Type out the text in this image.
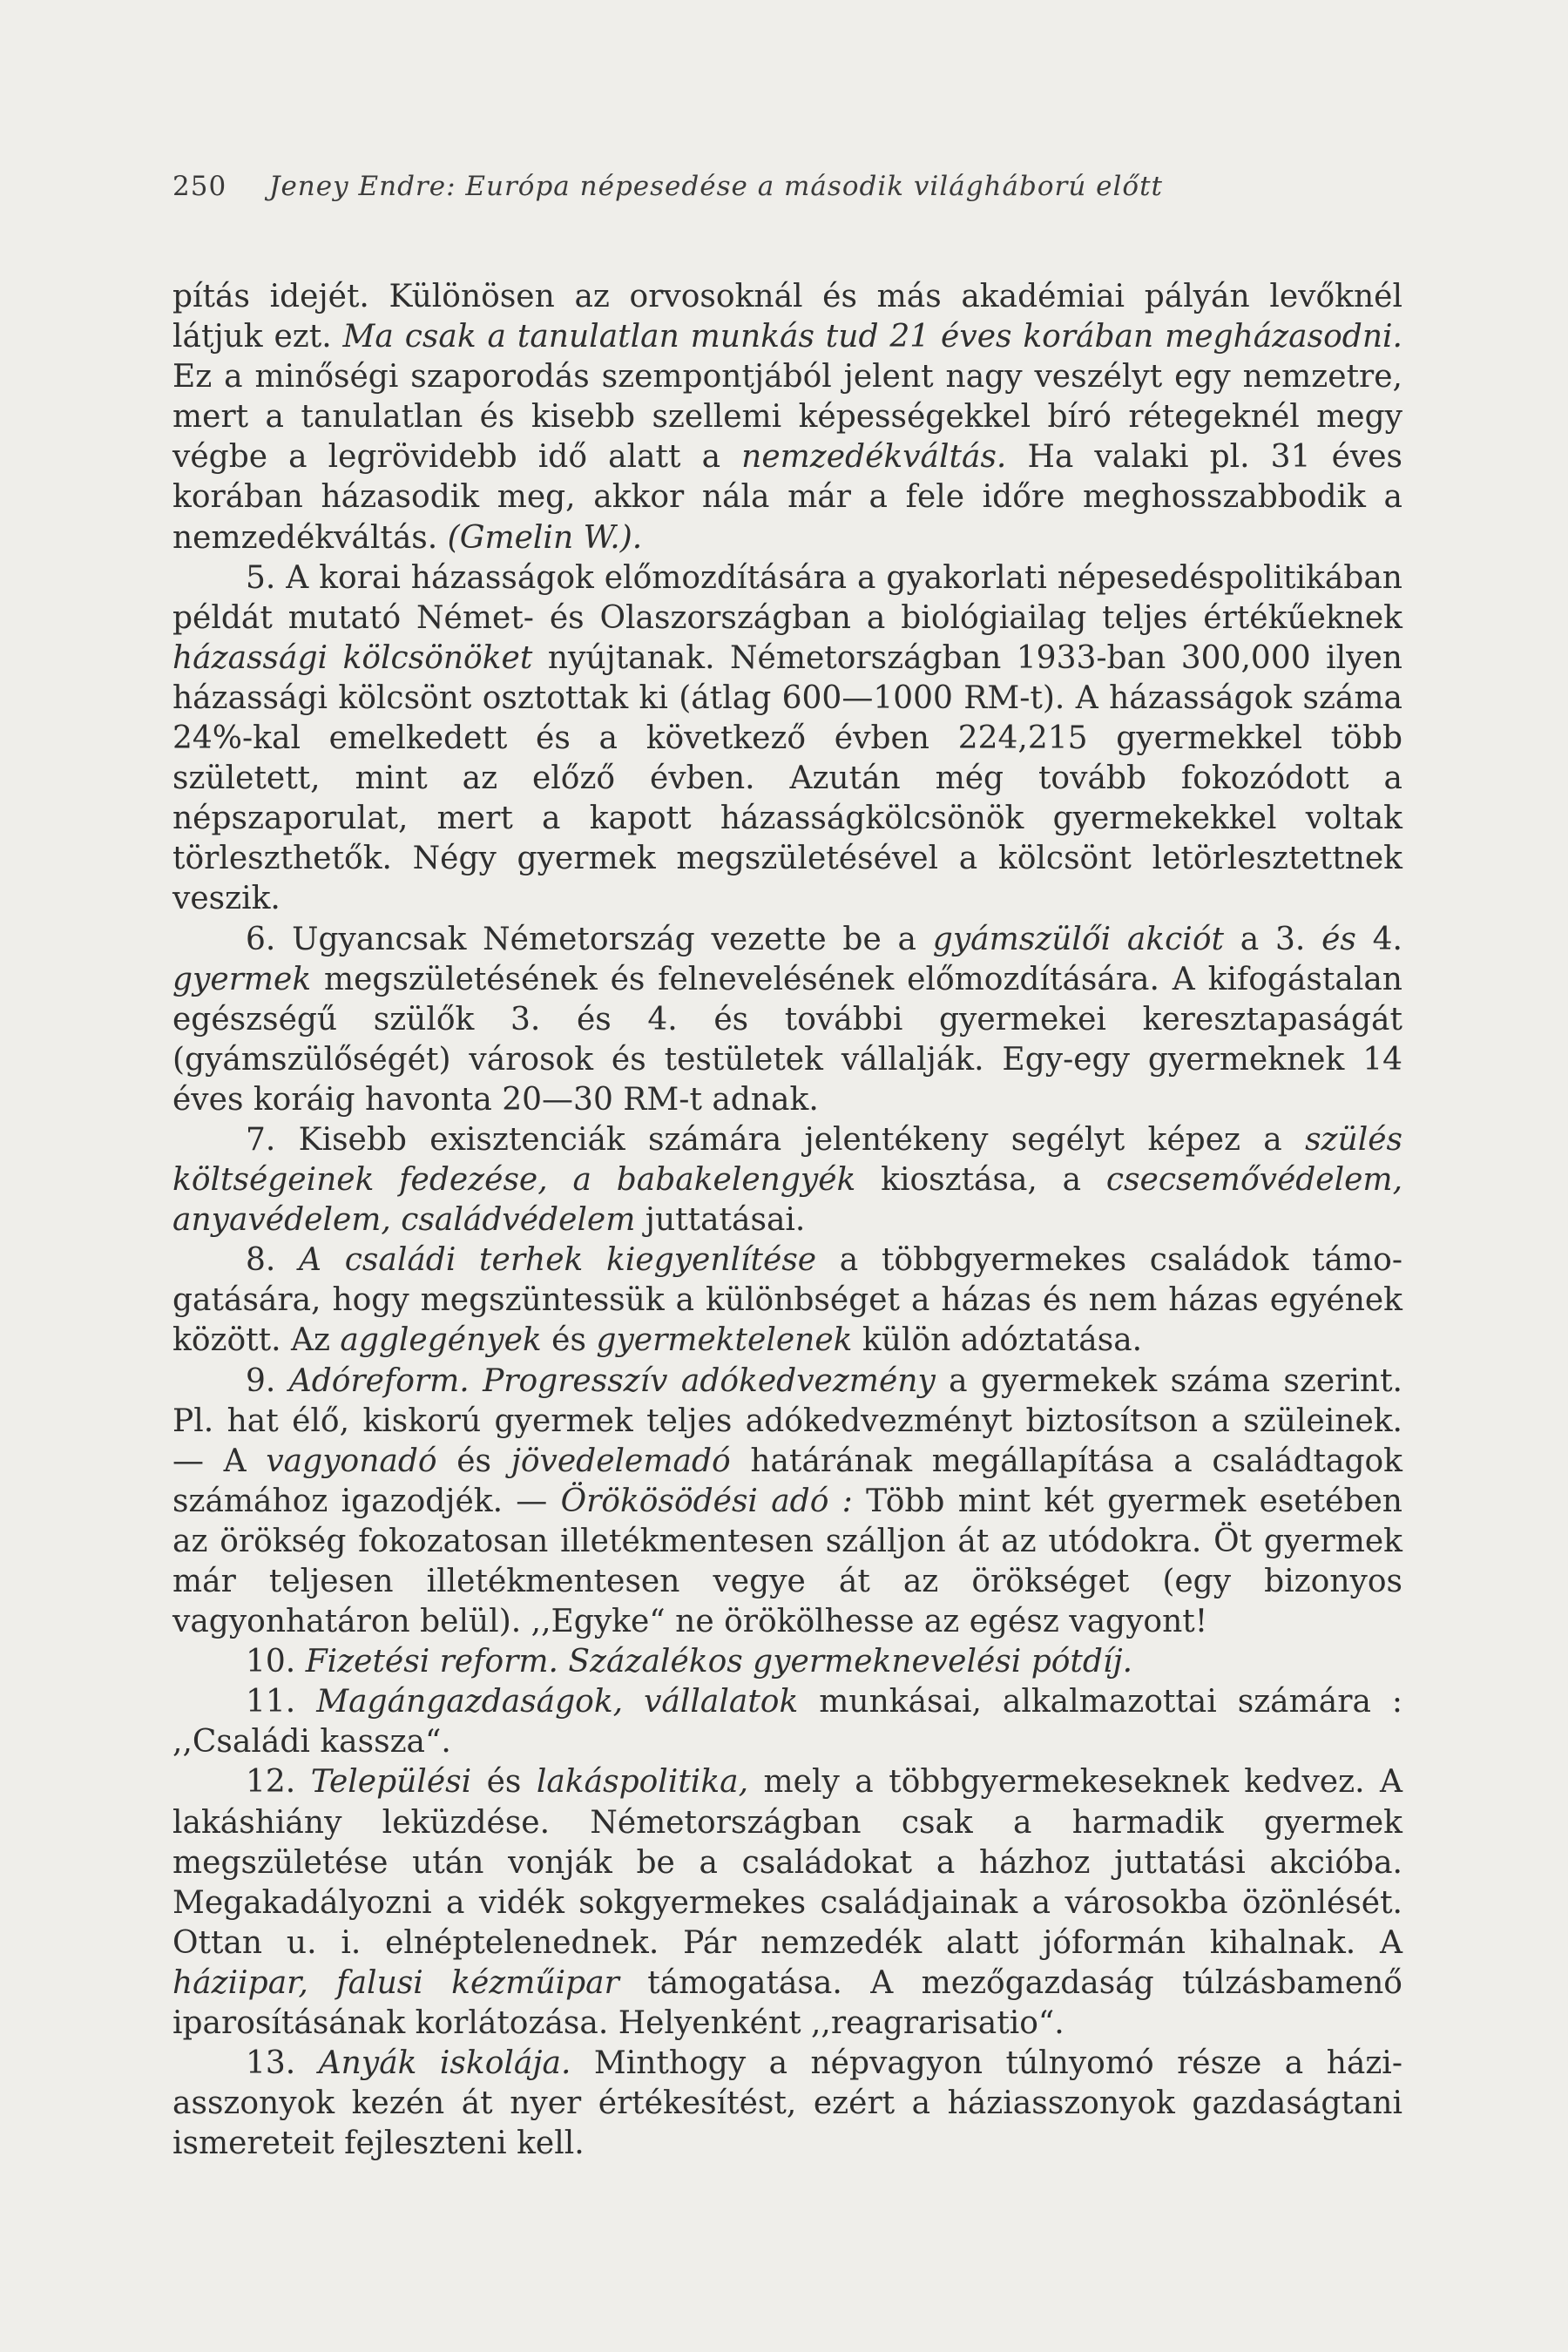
250 Jeney Endre: Európa népesedése a második világháború előtt

pítás idejét. Különösen az orvosoknál és más akadémiai pályán levőknél látjuk ezt. Ma csak a tanulatlan munkás tud 21 éves korában megházasodni. Ez a minőségi szaporodás szempontjából jelent nagy veszélyt egy nemzetre, mert a tanulatlan és kisebb szellemi képességekkel bíró rétegeknél megy végbe a legrövidebb idő alatt a nemzedékváltás. Ha valaki pl. 31 éves korában házasodik meg, akkor nála már a fele időre meghosszabbodik a nemzedékváltás. (Gmelin W.).

5. A korai házasságok előmozdítására a gyakorlati népesedéspolitikában példát mutató Német- és Olaszországban a biológiailag teljes értékűeknek házassági kölcsönöket nyújtanak. Németországban 1933-ban 300,000 ilyen házassági kölcsönt osztottak ki (átlag 600—1000 RM-t). A házasságok száma 24%-kal emelkedett és a következő évben 224,215 gyermekkel több született, mint az előző évben. Azután még tovább fokozódott a népszaporulat, mert a kapott házasságkölcsönök gyermekekkel voltak törleszthetők. Négy gyermek megszületésével a kölcsönt letörlesztettnek veszik.

6. Ugyancsak Németország vezette be a gyámszülői akciót a 3. és 4. gyermek megszületésének és felnevelésének előmozdítására. A kifogástalan egészségű szülők 3. és 4. és további gyermekei keresztapaságát (gyámszülőségét) városok és testületek vállalják. Egy-egy gyermeknek 14 éves koráig havonta 20—30 RM-t adnak.

7. Kisebb exisztenciák számára jelentékeny segélyt képez a szülés költségeinek fedezése, a babakelengyék kiosztása, a csecsemővédelem, anyavédelem, családvédelem juttatásai.

8. A családi terhek kiegyenlítése a többgyermekes családok támogatására, hogy megszüntessük a különbséget a házas és nem házas egyének között. Az agglegények és gyermektelenek külön adóztatása.

9. Adóreform. Progresszív adókedvezmény a gyermekek száma szerint. Pl. hat élő, kiskorú gyermek teljes adókedvezményt biztosítson a szüleinek. — A vagyonadó és jövedelemadó határának megállapítása a családtagok számához igazodjék. — Örökösödési adó : Több mint két gyermek esetében az örökség fokozatosan illetékmentesen szálljon át az utódokra. Öt gyermek már teljesen illetékmentesen vegye át az örökséget (egy bizonyos vagyonhatáron belül). ,,Egyke“ ne örökölhesse az egész vagyont!

10. Fizetési reform. Százalékos gyermeknevelési pótdíj.

11. Magángazdaságok, vállalatok munkásai, alkalmazottai számára : ,,Családi kassza“.

12. Települési és lakáspolitika, mely a többgyermekeseknek kedvez. A lakáshiány leküzdése. Németországban csak a harmadik gyermek megszületése után vonják be a családokat a házhoz juttatási akcióba. Megakadályozni a vidék sokgyermekes családjainak a városokba özönlését. Ottan u. i. elnéptelenednek. Pár nemzedék alatt jóformán kihalnak. A háziipar, falusi kézműipar támogatása. A mezőgazdaság túlzásbamenő iparosításának korlátozása. Helyenként ,,reagrarisatio“.

13. Anyák iskolája. Minthogy a népvagyon túlnyomó része a háziasszonyok kezén át nyer értékesítést, ezért a háziasszonyok gazdaságtani ismereteit fejleszteni kell.
